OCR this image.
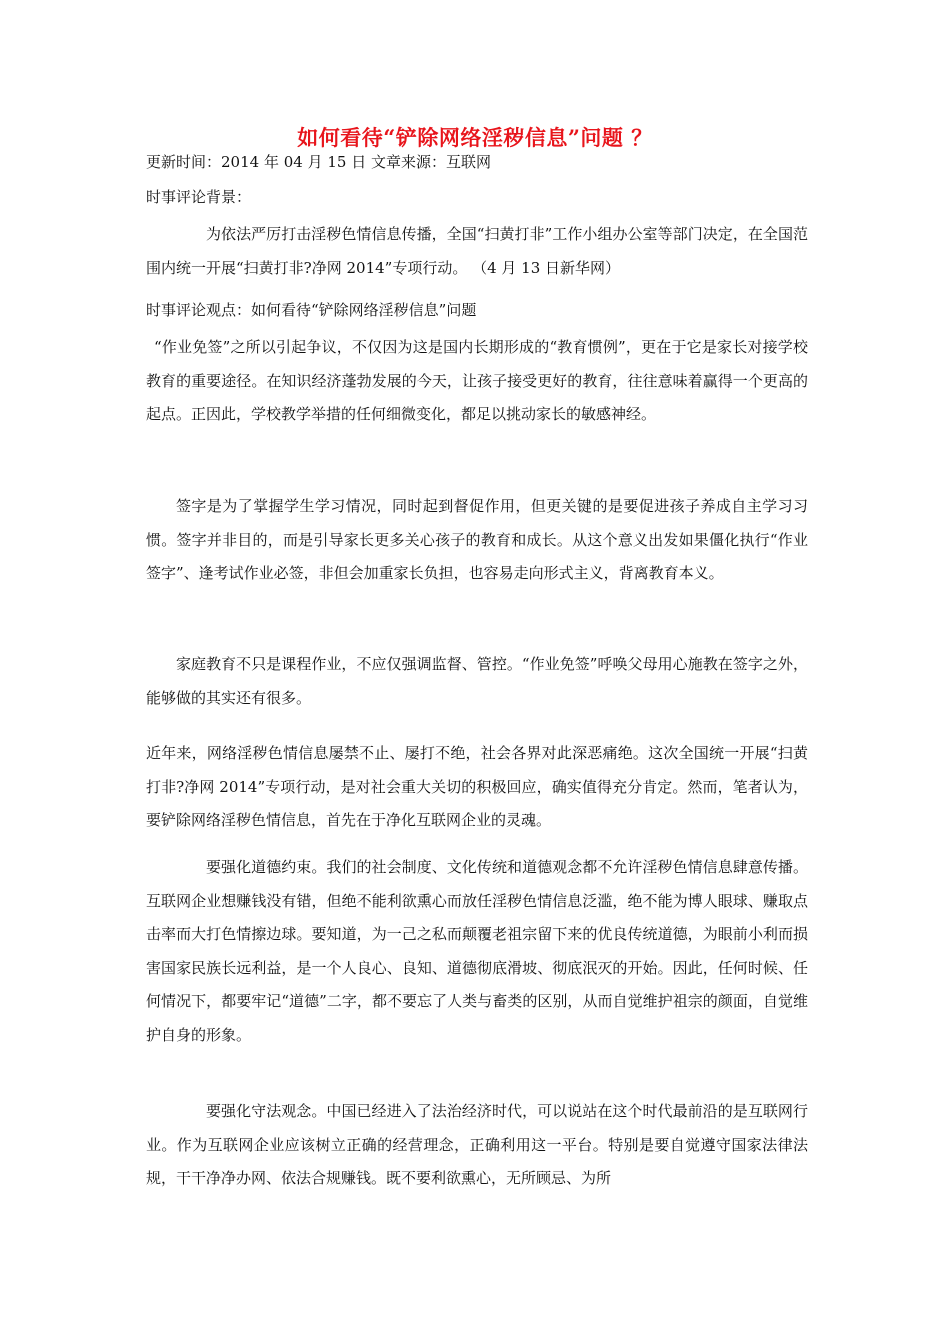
如何看待“铲除网络淫秽信息”问题 ？
更新时间：2014 年 04 月 15 日 文章来源：互联网
时事评论背景：

为依法严厉打击淫秽色情信息传播，全国“扫黄打非”工作小组办公室等部门决定，在全国范围内统一开展“扫黄打非?净网 2014”专项行动。 （4 月 13 日新华网）

时事评论观点：如何看待“铲除网络淫秽信息”问题

“作业免签”之所以引起争议，不仅因为这是国内长期形成的“教育惯例”，更在于它是家长对接学校教育的重要途径。在知识经济蓬勃发展的今天，让孩子接受更好的教育，往往意味着赢得一个更高的起点。正因此，学校教学举措的任何细微变化，都足以挑动家长的敏感神经。

签字是为了掌握学生学习情况，同时起到督促作用，但更关键的是要促进孩子养成自主学习习惯。签字并非目的，而是引导家长更多关心孩子的教育和成长。从这个意义出发如果僵化执行“作业签字”、逢考试作业必签，非但会加重家长负担，也容易走向形式主义，背离教育本义。

家庭教育不只是课程作业，不应仅强调监督、管控。“作业免签”呼唤父母用心施教在签字之外，能够做的其实还有很多。

近年来，网络淫秽色情信息屡禁不止、屡打不绝，社会各界对此深恶痛绝。这次全国统一开展“扫黄打非?净网 2014”专项行动，是对社会重大关切的积极回应，确实值得充分肯定。然而，笔者认为，要铲除网络淫秽色情信息，首先在于净化互联网企业的灵魂。

要强化道德约束。我们的社会制度、文化传统和道德观念都不允许淫秽色情信息肆意传播。互联网企业想赚钱没有错，但绝不能利欲熏心而放任淫秽色情信息泛滥，绝不能为博人眼球、赚取点击率而大打色情擦边球。要知道，为一己之私而颠覆老祖宗留下来的优良传统道德，为眼前小利而损害国家民族长远利益，是一个人良心、良知、道德彻底滑坡、彻底泯灭的开始。因此，任何时候、任何情况下，都要牢记“道德”二字，都不要忘了人类与畜类的区别，从而自觉维护祖宗的颜面，自觉维护自身的形象。

要强化守法观念。中国已经进入了法治经济时代，可以说站在这个时代最前沿的是互联网行业。作为互联网企业应该树立正确的经营理念，正确利用这一平台。特别是要自觉遵守国家法律法规，干干净净办网、依法合规赚钱。既不要利欲熏心，无所顾忌、为所
